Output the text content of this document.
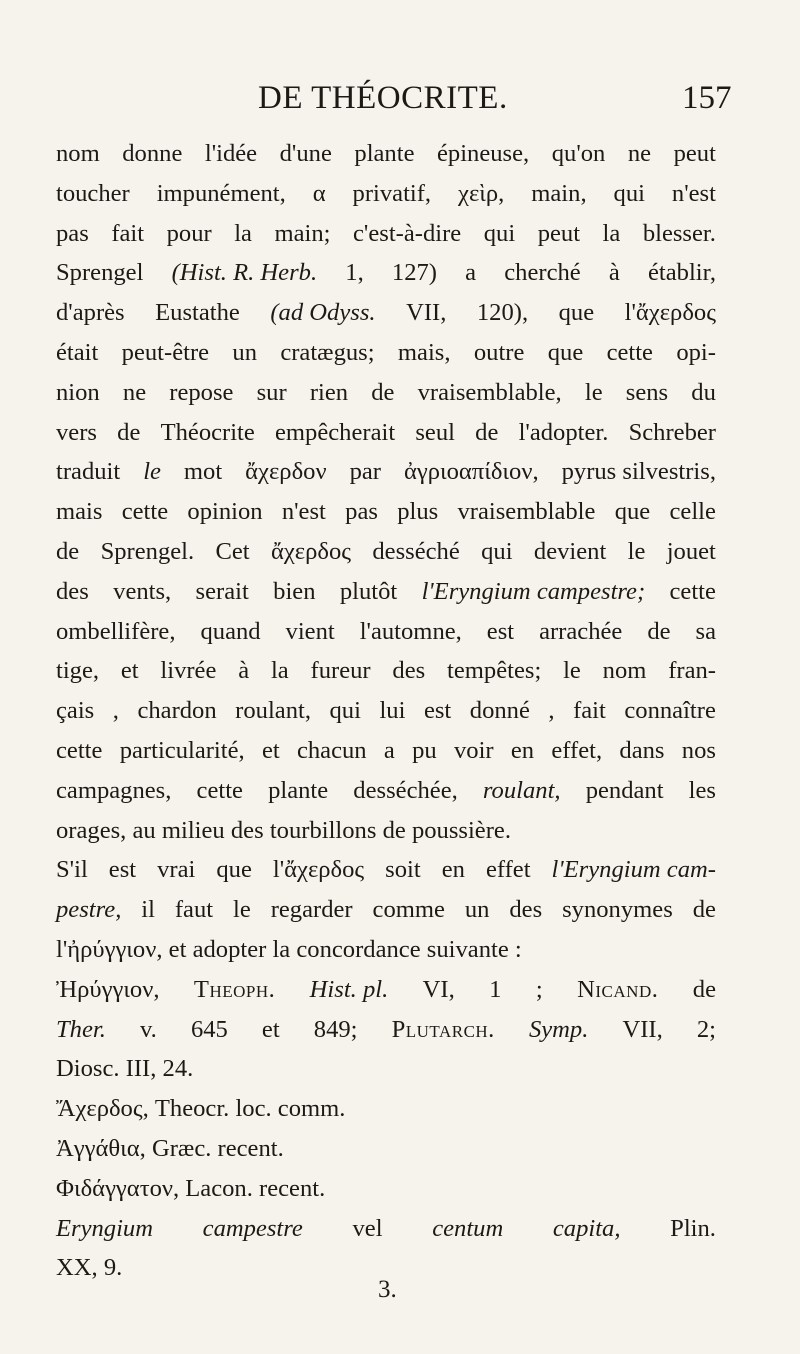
DE THÉOCRITE.	157
nom donne l'idée d'une plante épineuse, qu'on ne peut
toucher impunément, α privatif, χεὶρ, main, qui n'est
pas fait pour la main; c'est-à-dire qui peut la blesser.
Sprengel (Hist. R. Herb. 1, 127) a cherché à établir,
d'après Eustathe (ad Odyss. VII, 120), que l'ἄχερδος
était peut-être un cratægus; mais, outre que cette opi-
nion ne repose sur rien de vraisemblable, le sens du
vers de Théocrite empêcherait seul de l'adopter. Schreber
traduit le mot ἄχερδον par ἀγριοαπίδιον, pyrus silvestris,
mais cette opinion n'est pas plus vraisemblable que celle
de Sprengel. Cet ἄχερδος desséché qui devient le jouet
des vents, serait bien plutôt l'Eryngium campestre; cette
ombellifère, quand vient l'automne, est arrachée de sa
tige, et livrée à la fureur des tempêtes; le nom fran-
çais , chardon roulant, qui lui est donné , fait connaître
cette particularité, et chacun a pu voir en effet, dans nos
campagnes, cette plante desséchée, roulant, pendant les
orages, au milieu des tourbillons de poussière.
S'il est vrai que l'ἄχερδος soit en effet l'Eryngium cam-
pestre, il faut le regarder comme un des synonymes de
l'ἠρύγγιον, et adopter la concordance suivante :
Ἠρύγγιον, Theoph. Hist. pl. VI, 1 ; Nicand. de
Ther. v. 645 et 849; Plutarch. Symp. VII, 2;
Diosc. III, 24.
Ἄχερδος, Theocr. loc. comm.
Ἀγγάθια, Græc. recent.
Φιδάγγατον, Lacon. recent.
Eryngium campestre vel centum capita, Plin.
XX, 9.
3.
